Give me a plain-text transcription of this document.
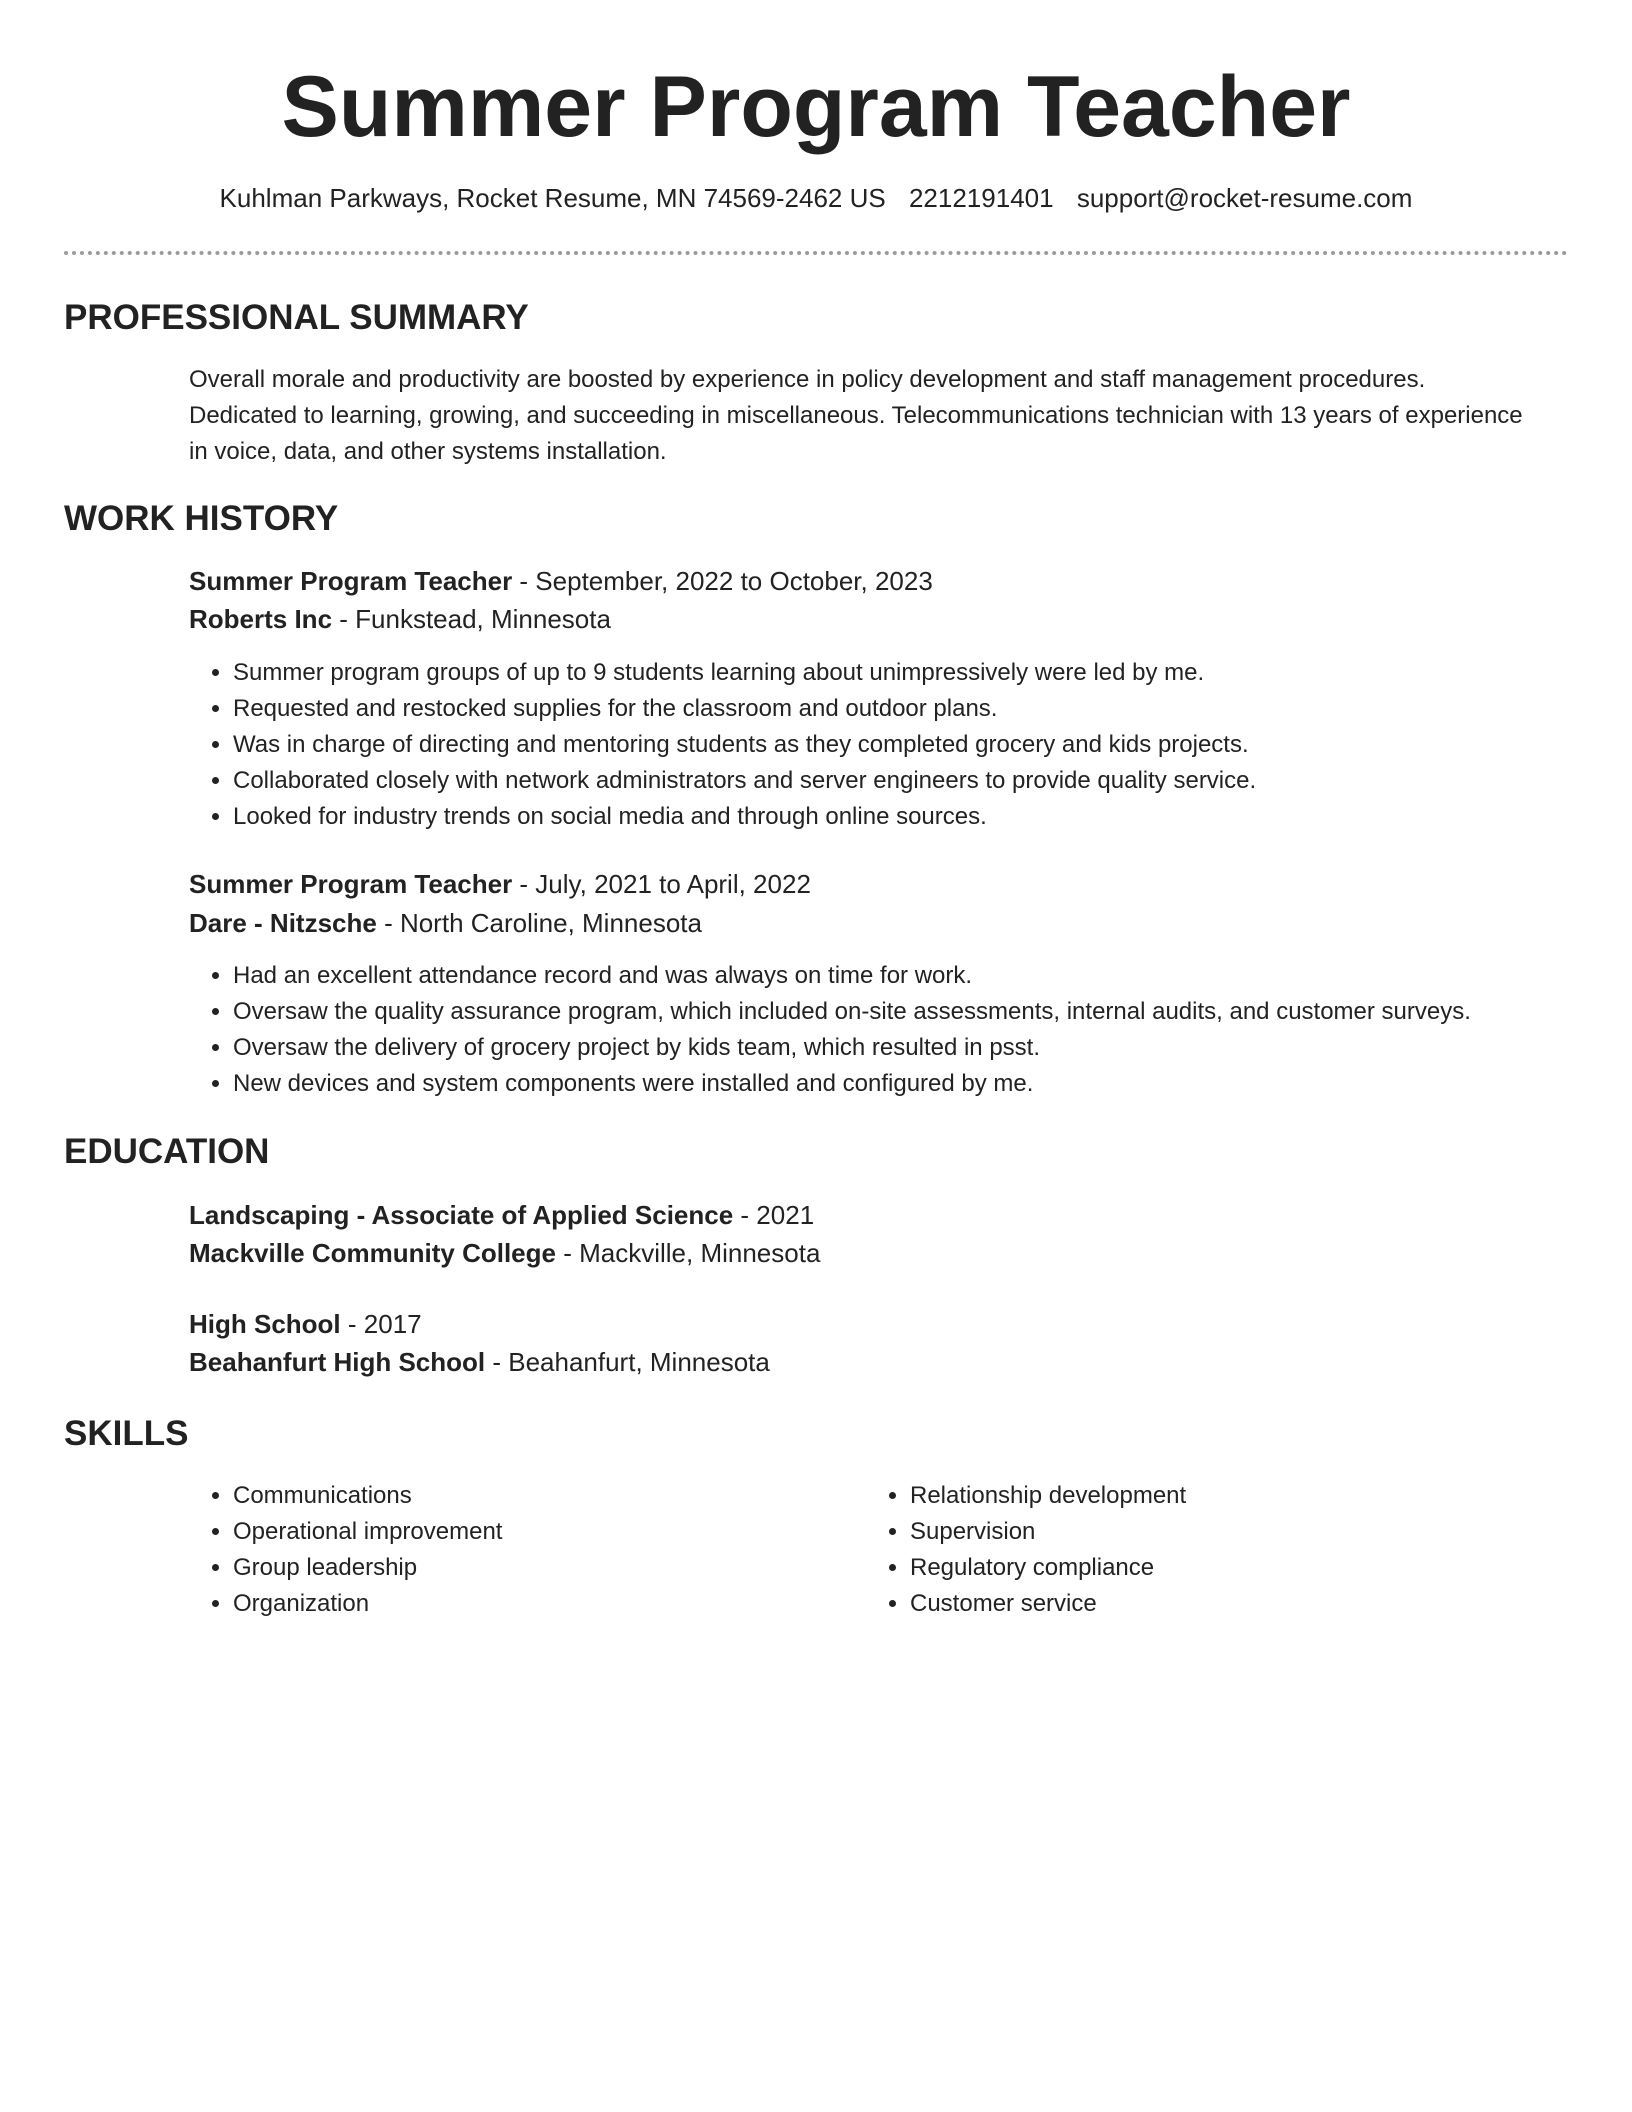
Summer Program Teacher
Kuhlman Parkways, Rocket Resume, MN 74569-2462 US 2212191401 support@rocket-resume.com
PROFESSIONAL SUMMARY
Overall morale and productivity are boosted by experience in policy development and staff management procedures. Dedicated to learning, growing, and succeeding in miscellaneous. Telecommunications technician with 13 years of experience in voice, data, and other systems installation.
WORK HISTORY
Summer Program Teacher - September, 2022 to October, 2023
Roberts Inc - Funkstead, Minnesota
• Summer program groups of up to 9 students learning about unimpressively were led by me.
• Requested and restocked supplies for the classroom and outdoor plans.
• Was in charge of directing and mentoring students as they completed grocery and kids projects.
• Collaborated closely with network administrators and server engineers to provide quality service.
• Looked for industry trends on social media and through online sources.
Summer Program Teacher - July, 2021 to April, 2022
Dare - Nitzsche - North Caroline, Minnesota
• Had an excellent attendance record and was always on time for work.
• Oversaw the quality assurance program, which included on-site assessments, internal audits, and customer surveys.
• Oversaw the delivery of grocery project by kids team, which resulted in psst.
• New devices and system components were installed and configured by me.
EDUCATION
Landscaping - Associate of Applied Science - 2021
Mackville Community College - Mackville, Minnesota
High School - 2017
Beahanfurt High School - Beahanfurt, Minnesota
SKILLS
• Communications
• Operational improvement
• Group leadership
• Organization
• Relationship development
• Supervision
• Regulatory compliance
• Customer service
